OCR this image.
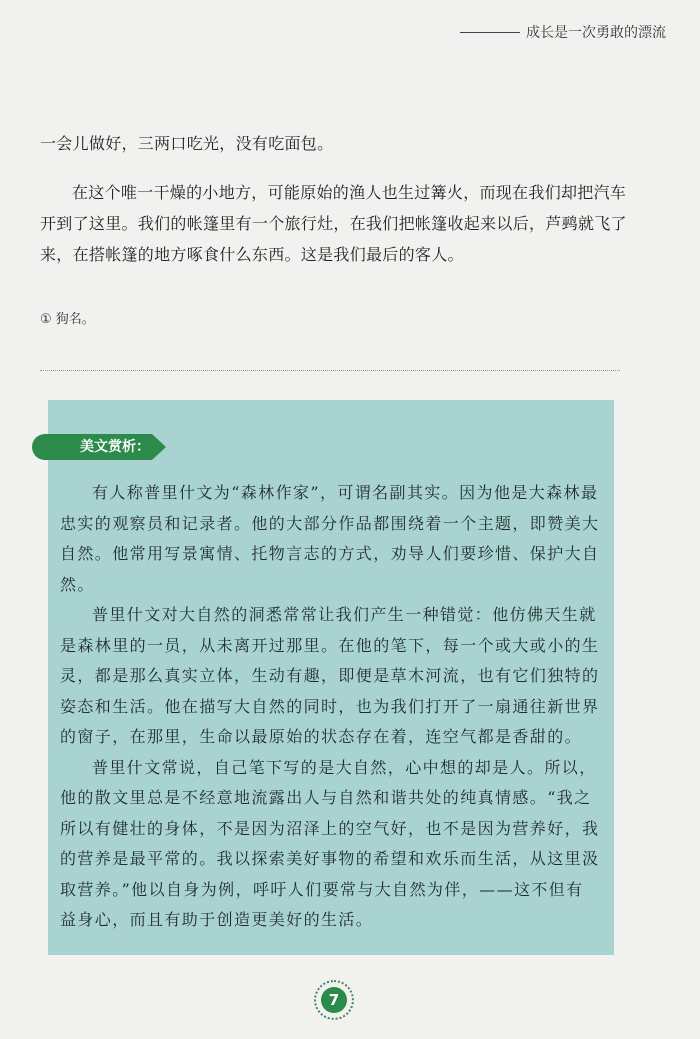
成长是一次勇敢的漂流

一会儿做好，三两口吃光，没有吃面包。

在这个唯一干燥的小地方，可能原始的渔人也生过篝火，而现在我们却把汽车开到了这里。我们的帐篷里有一个旅行灶，在我们把帐篷收起来以后，芦鹀就飞了来，在搭帐篷的地方啄食什么东西。这是我们最后的客人。

① 狗名。
美文赏析：

有人称普里什文为“森林作家”，可谓名副其实。因为他是大森林最忠实的观察员和记录者。他的大部分作品都围绕着一个主题，即赞美大自然。他常用写景寓情、托物言志的方式，劝导人们要珍惜、保护大自然。

普里什文对大自然的洞悉常常让我们产生一种错觉：他仿佛天生就是森林里的一员，从未离开过那里。在他的笔下，每一个或大或小的生灵，都是那么真实立体，生动有趣，即便是草木河流，也有它们独特的姿态和生活。他在描写大自然的同时，也为我们打开了一扇通往新世界的窗子，在那里，生命以最原始的状态存在着，连空气都是香甜的。

普里什文常说，自己笔下写的是大自然，心中想的却是人。所以，他的散文里总是不经意地流露出人与自然和谐共处的纯真情感。“我之所以有健壮的身体，不是因为沼泽上的空气好，也不是因为营养好，我的营养是最平常的。我以探索美好事物的希望和欢乐而生活，从这里汲取营养。”他以自身为例，呼吁人们要常与大自然为伴，——这不但有益身心，而且有助于创造更美好的生活。

7
